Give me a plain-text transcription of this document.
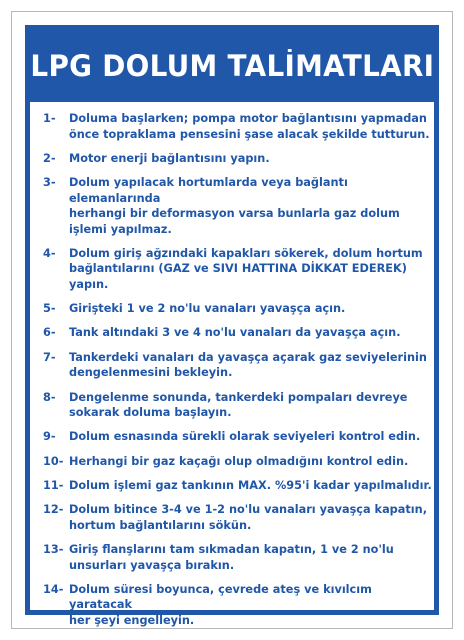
LPG DOLUM TALİMATLARI
1-	Doluma başlarken; pompa motor bağlantısını yapmadan
önce topraklama pensesini şase alacak şekilde tutturun.
2-	Motor enerji bağlantısını yapın.
3-	Dolum yapılacak hortumlarda veya bağlantı elemanlarında
herhangi bir deformasyon varsa bunlarla gaz dolum
işlemi yapılmaz.
4-	Dolum giriş ağzındaki kapakları sökerek, dolum hortum
bağlantılarını (GAZ ve SIVI HATTINA DİKKAT EDEREK) yapın.
5-	Girişteki 1 ve 2 no'lu vanaları yavaşça açın.
6-	Tank altındaki 3 ve 4 no'lu vanaları da yavaşça açın.
7-	Tankerdeki vanaları da yavaşça açarak gaz seviyelerinin
dengelenmesini bekleyin.
8-	Dengelenme sonunda, tankerdeki pompaları devreye
sokarak doluma başlayın.
9-	Dolum esnasında sürekli olarak seviyeleri kontrol edin.
10- Herhangi bir gaz kaçağı olup olmadığını kontrol edin.
11- Dolum işlemi gaz tankının MAX. %95'i kadar yapılmalıdır.
12- Dolum bitince 3-4 ve 1-2 no'lu vanaları yavaşça kapatın,
hortum bağlantılarını sökün.
13- Giriş flanşlarını tam sıkmadan kapatın, 1 ve 2 no'lu
unsurları yavaşça bırakın.
14- Dolum süresi boyunca, çevrede ateş ve kıvılcım yaratacak
her şeyi engelleyin.
